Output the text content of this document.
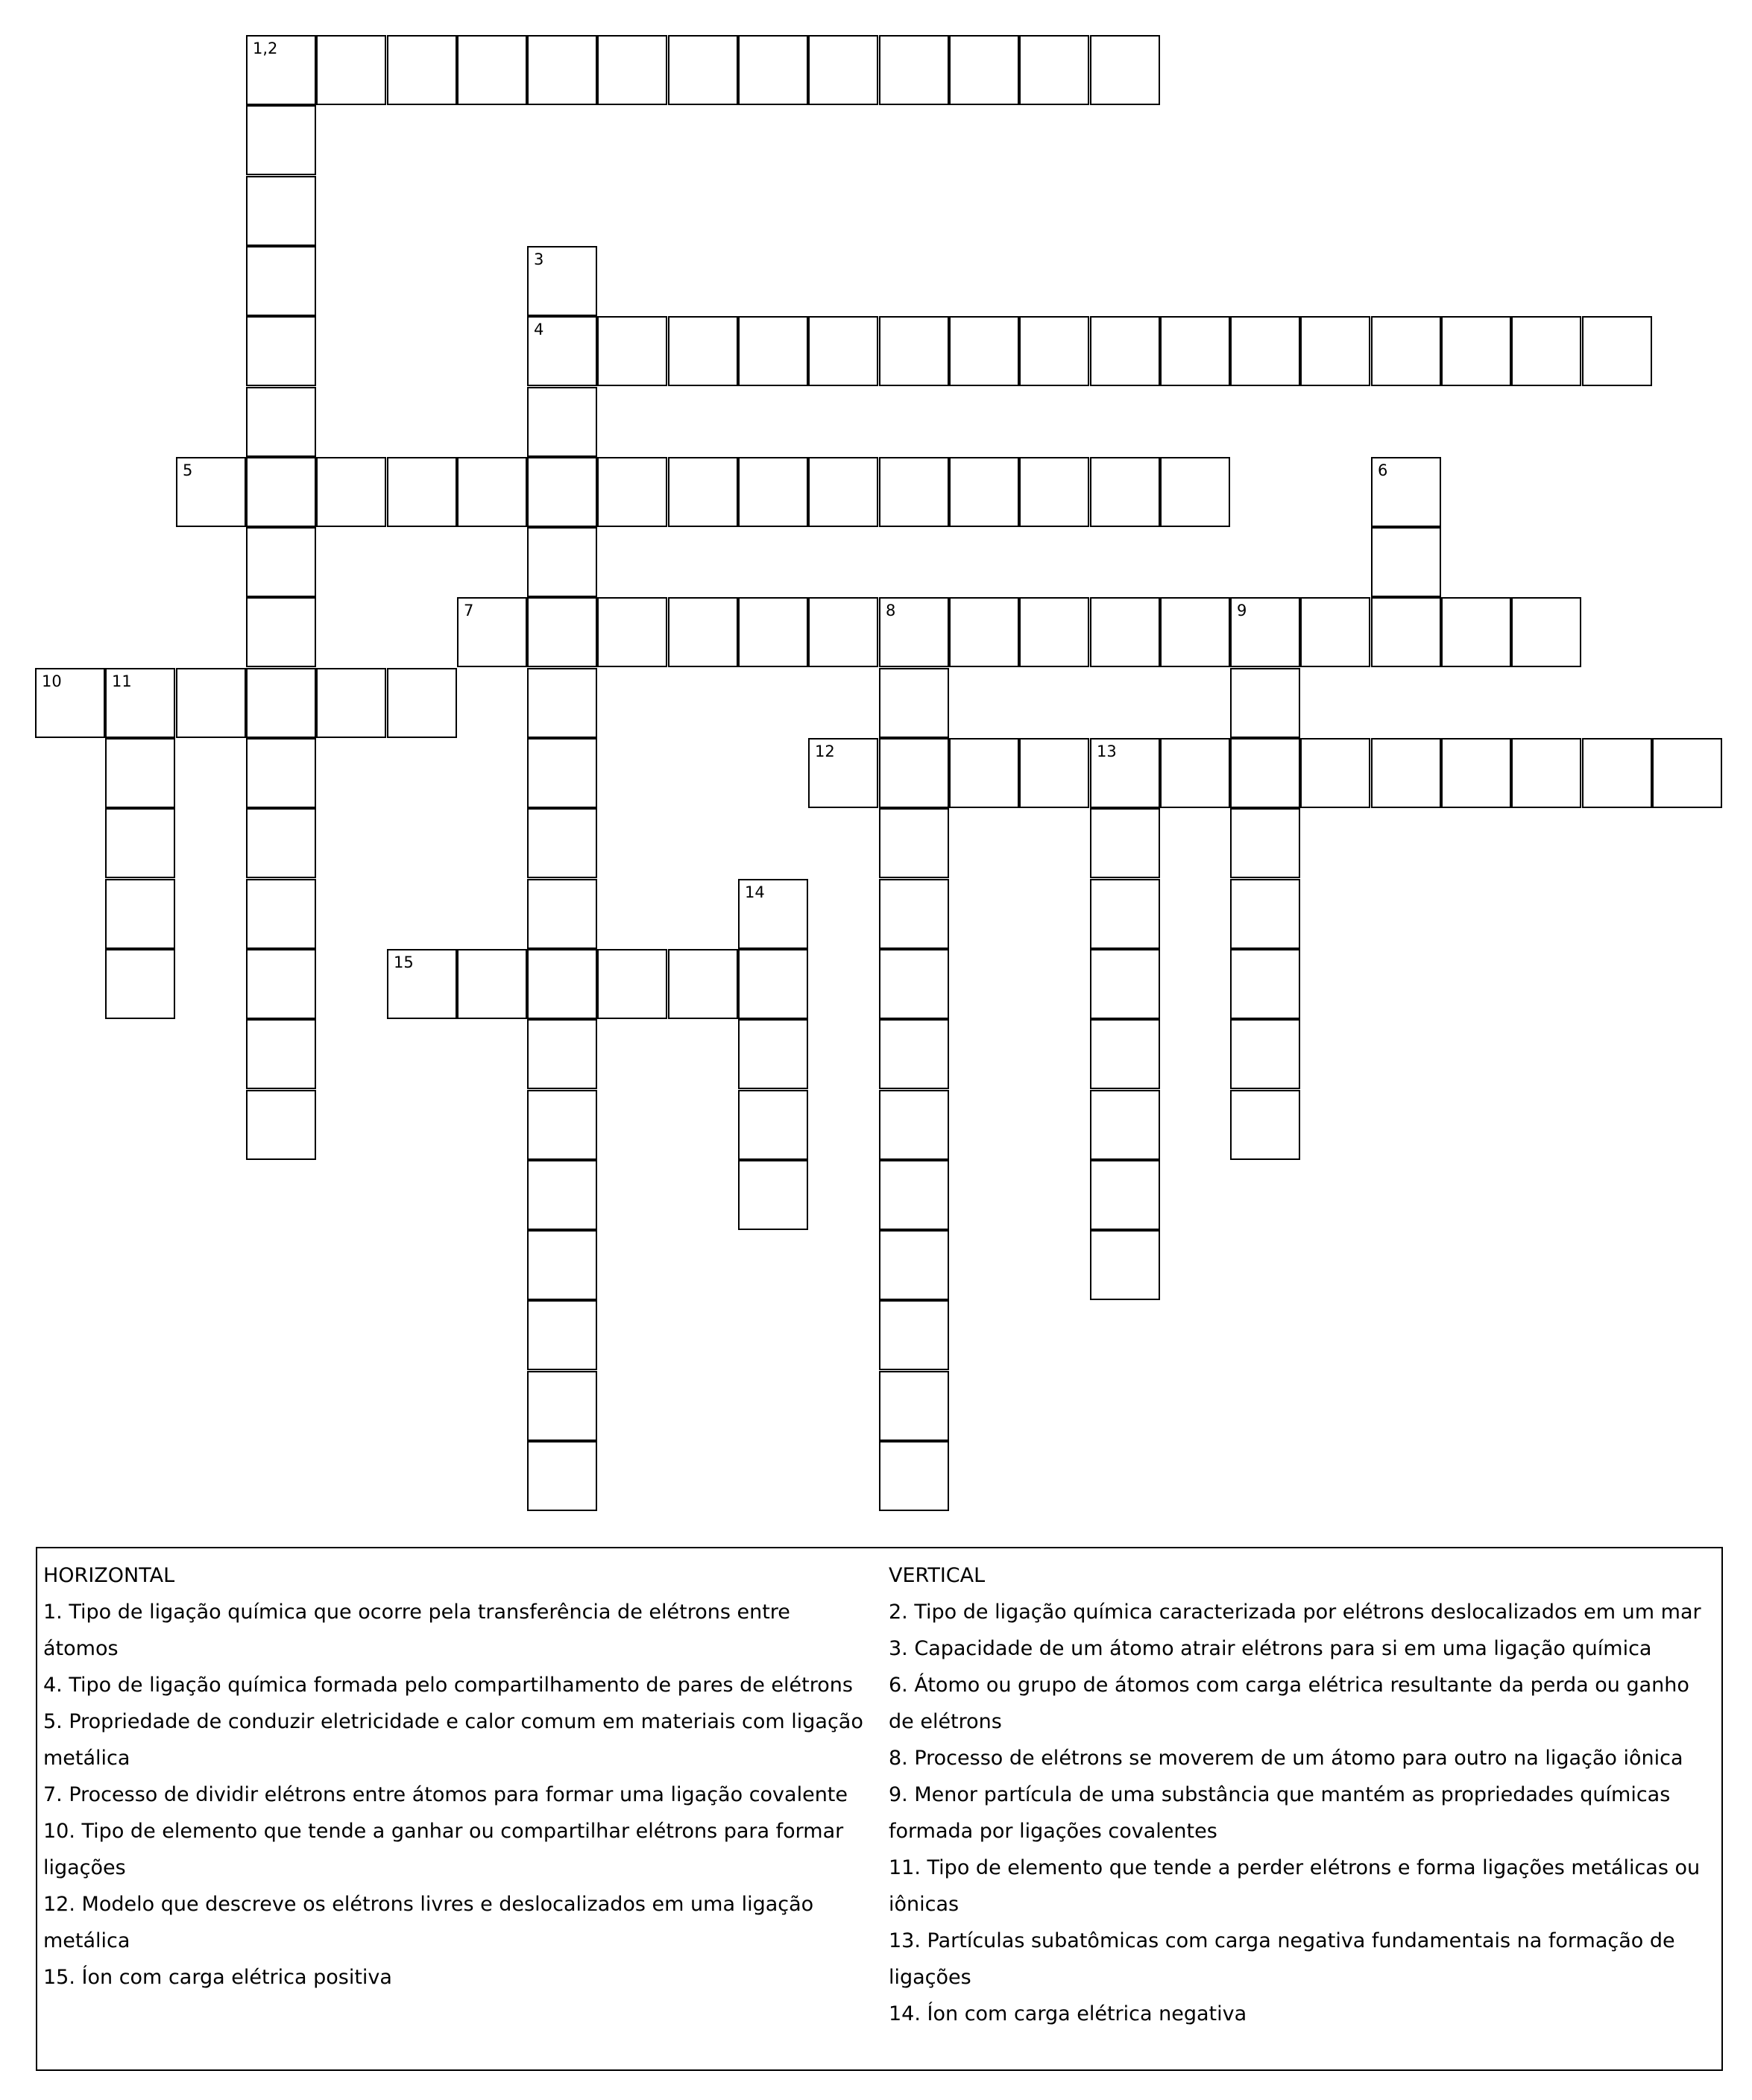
1,2
3
4
5	6
7	8	9
10	11
12	13
14
15

HORIZONTAL

1. Tipo de ligação química que ocorre pela transferência de elétrons entre átomos

4. Tipo de ligação química formada pelo compartilhamento de pares de elétrons

5. Propriedade de conduzir eletricidade e calor comum em materiais com ligação metálica

7. Processo de dividir elétrons entre átomos para formar uma ligação covalente

10. Tipo de elemento que tende a ganhar ou compartilhar elétrons para formar ligações

12. Modelo que descreve os elétrons livres e deslocalizados em uma ligação metálica

15. Íon com carga elétrica positiva

VERTICAL

2. Tipo de ligação química caracterizada por elétrons deslocalizados em um mar

3. Capacidade de um átomo atrair elétrons para si em uma ligação química

6. Átomo ou grupo de átomos com carga elétrica resultante da perda ou ganho de elétrons

8. Processo de elétrons se moverem de um átomo para outro na ligação iônica

9. Menor partícula de uma substância que mantém as propriedades químicas formada por ligações covalentes

11. Tipo de elemento que tende a perder elétrons e forma ligações metálicas ou iônicas

13. Partículas subatômicas com carga negativa fundamentais na formação de ligações

14. Íon com carga elétrica negativa
